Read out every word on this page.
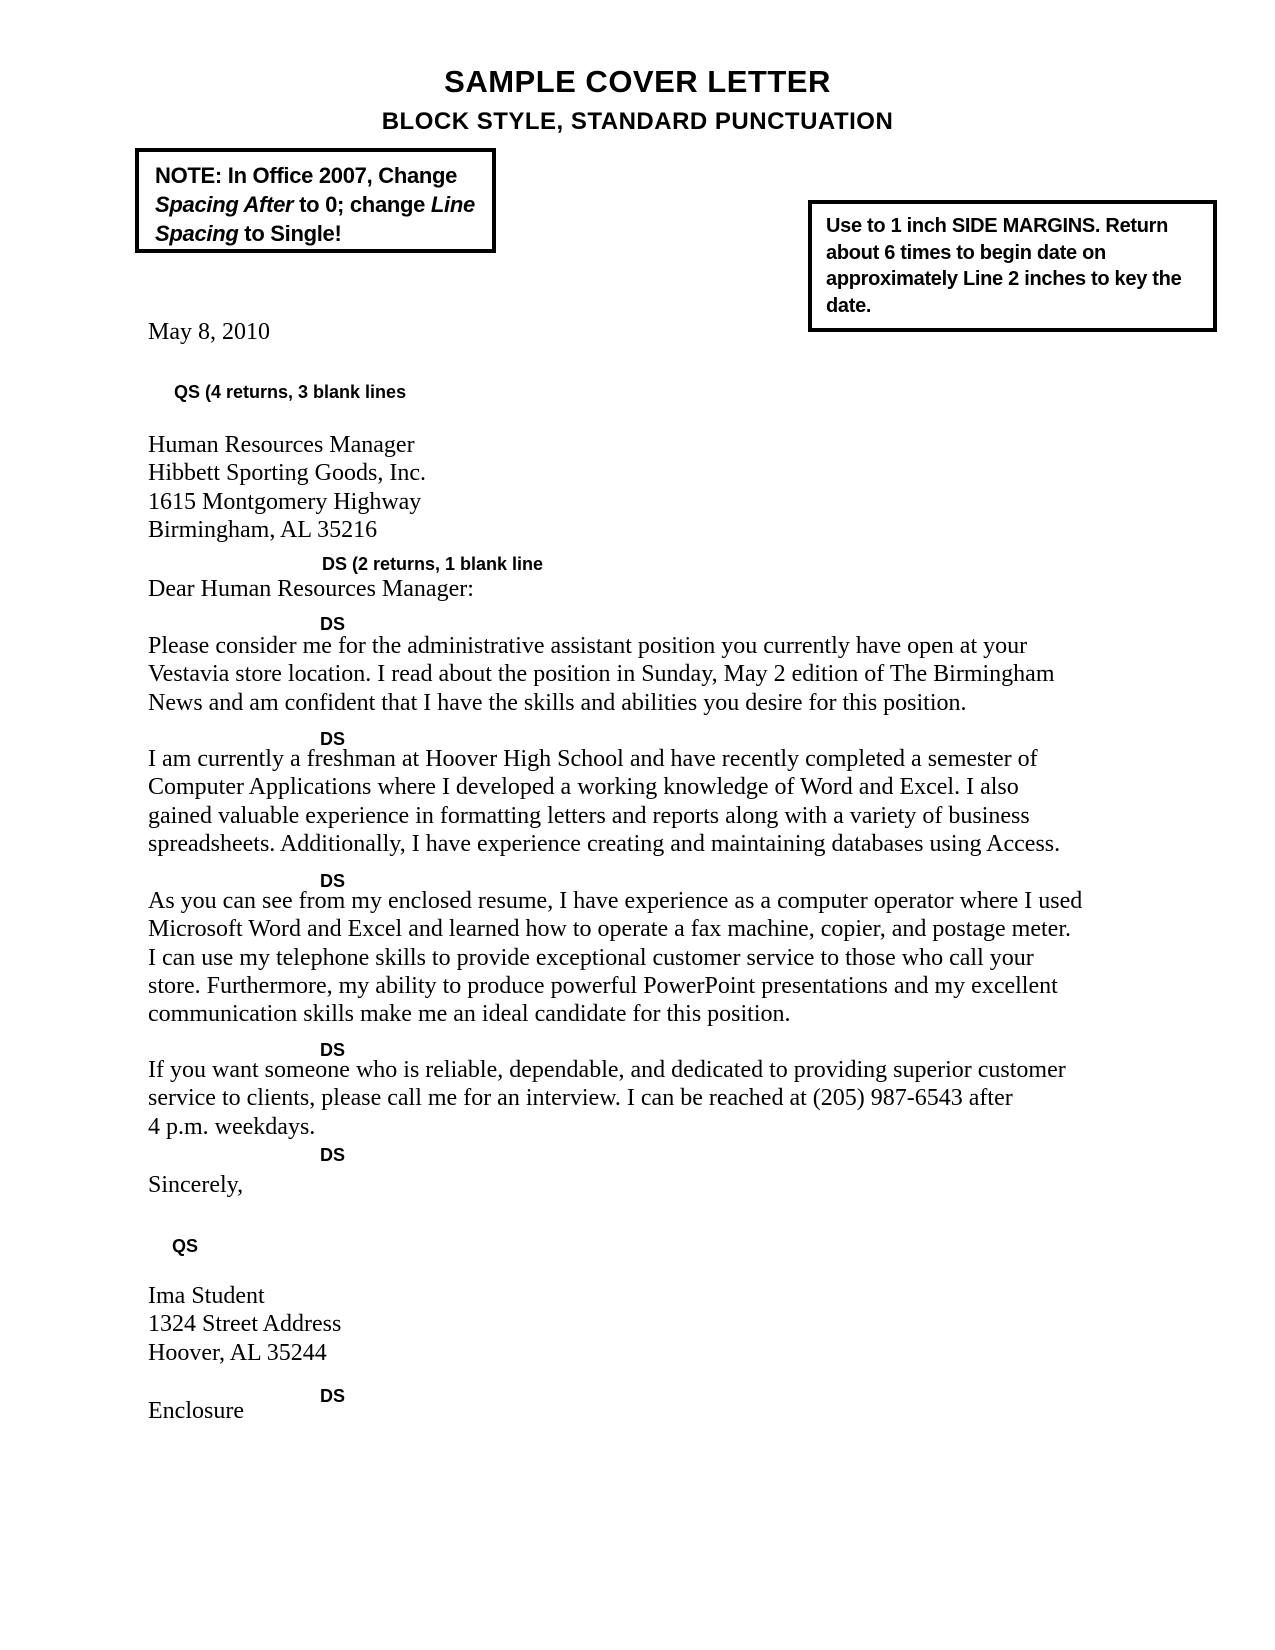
SAMPLE COVER LETTER
BLOCK STYLE, STANDARD PUNCTUATION
NOTE: In Office 2007, Change
Spacing After to 0; change Line
Spacing to Single!	Use to 1 inch SIDE MARGINS. Return
about 6 times to begin date on
approximately Line 2 inches to key the
date.
May 8, 2010
QS (4 returns, 3 blank lines
Human Resources Manager
Hibbett Sporting Goods, Inc.
1615 Montgomery Highway
Birmingham, AL 35216
DS (2 returns, 1 blank line
Dear Human Resources Manager:
DS
Please consider me for the administrative assistant position you currently have open at your
Vestavia store location. I read about the position in Sunday, May 2 edition of The Birmingham
News and am confident that I have the skills and abilities you desire for this position.
DS
I am currently a freshman at Hoover High School and have recently completed a semester of
Computer Applications where I developed a working knowledge of Word and Excel. I also
gained valuable experience in formatting letters and reports along with a variety of business
spreadsheets. Additionally, I have experience creating and maintaining databases using Access.
DS
As you can see from my enclosed resume, I have experience as a computer operator where I used
Microsoft Word and Excel and learned how to operate a fax machine, copier, and postage meter.
I can use my telephone skills to provide exceptional customer service to those who call your
store. Furthermore, my ability to produce powerful PowerPoint presentations and my excellent
communication skills make me an ideal candidate for this position.
DS
If you want someone who is reliable, dependable, and dedicated to providing superior customer
service to clients, please call me for an interview. I can be reached at (205) 987-6543 after
4 p.m. weekdays.
DS
Sincerely,
QS
Ima Student
1324 Street Address
Hoover, AL 35244
DS
Enclosure
